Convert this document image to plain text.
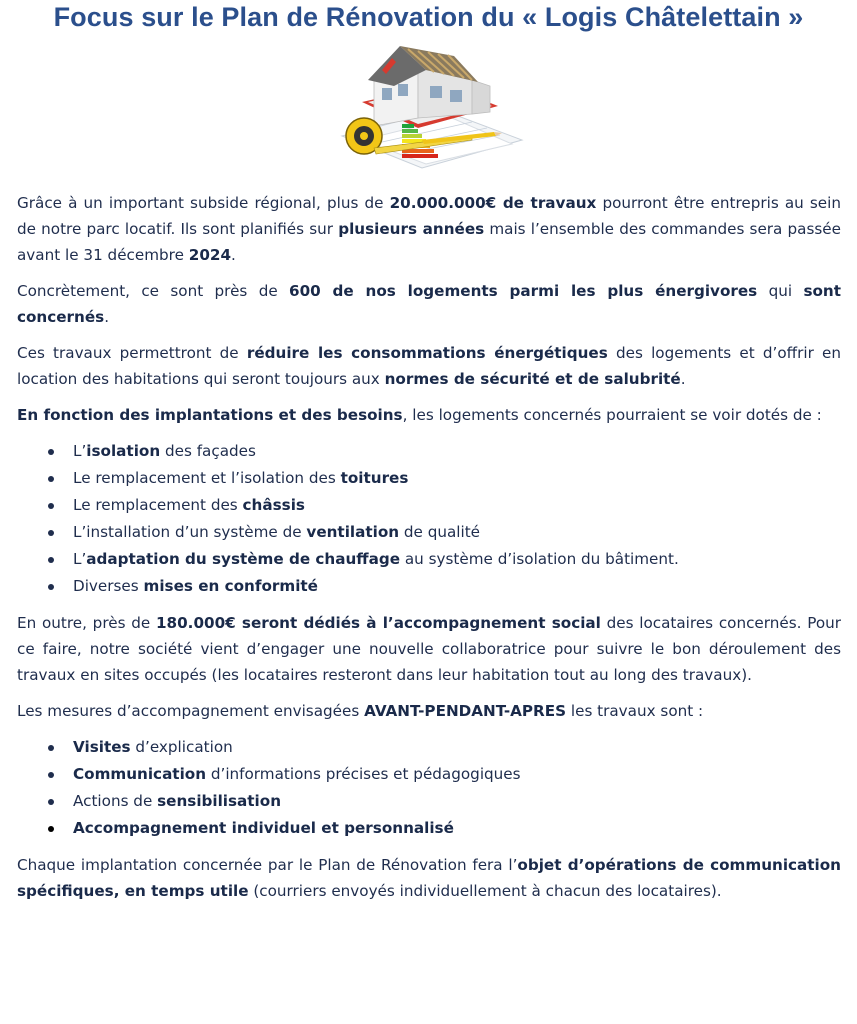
Focus sur le Plan de Rénovation du « Logis Châtelettain »

Grâce à un important subside régional, plus de 20.000.000€ de travaux pourront être entrepris au sein de notre parc locatif. Ils sont planifiés sur plusieurs années mais l’ensemble des commandes sera passée avant le 31 décembre 2024.

Concrètement, ce sont près de 600 de nos logements parmi les plus énergivores qui sont concernés.

Ces travaux permettront de réduire les consommations énergétiques des logements et d’offrir en location des habitations qui seront toujours aux normes de sécurité et de salubrité.

En fonction des implantations et des besoins, les logements concernés pourraient se voir dotés de :

L’isolation des façades
Le remplacement et l’isolation des toitures
Le remplacement des châssis
L’installation d’un système de ventilation de qualité
L’adaptation du système de chauffage au système d’isolation du bâtiment.
Diverses mises en conformité

En outre, près de 180.000€ seront dédiés à l’accompagnement social des locataires concernés. Pour ce faire, notre société vient d’engager une nouvelle collaboratrice pour suivre le bon déroulement des travaux en sites occupés (les locataires resteront dans leur habitation tout au long des travaux).

Les mesures d’accompagnement envisagées AVANT-PENDANT-APRES les travaux sont :

Visites d’explication
Communication d’informations précises et pédagogiques
Actions de sensibilisation
Accompagnement individuel et personnalisé

Chaque implantation concernée par le Plan de Rénovation fera l’objet d’opérations de communication spécifiques, en temps utile (courriers envoyés individuellement à chacun des locataires).
